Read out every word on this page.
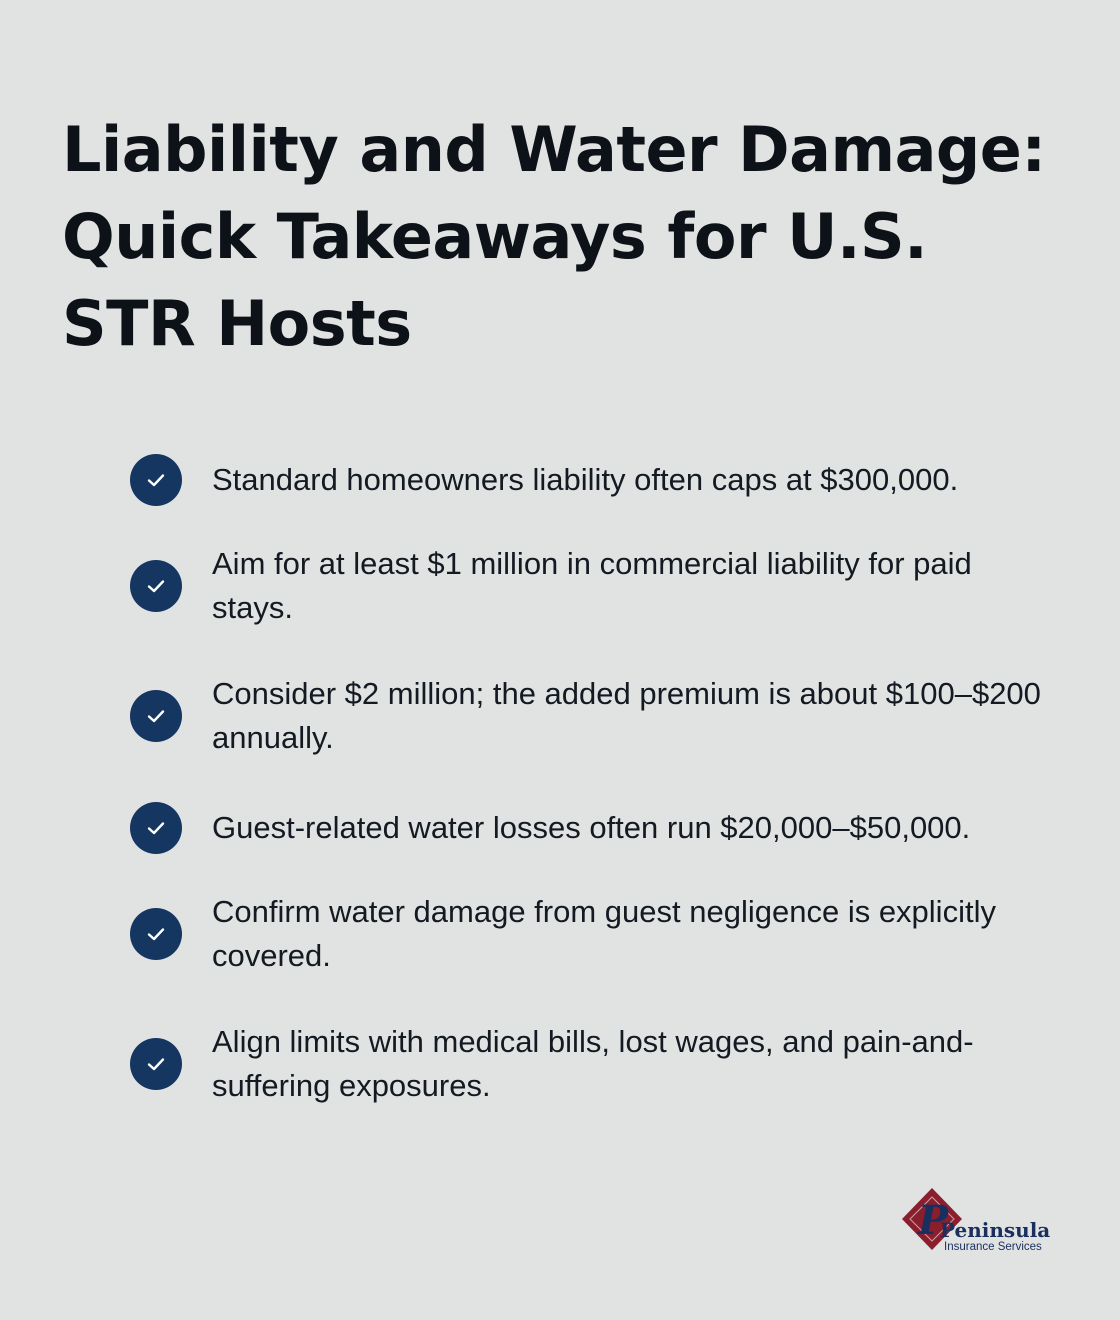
Liability and Water Damage: Quick Takeaways for U.S. STR Hosts
Standard homeowners liability often caps at $300,000.
Aim for at least $1 million in commercial liability for paid stays.
Consider $2 million; the added premium is about $100–$200 annually.
Guest-related water losses often run $20,000–$50,000.
Confirm water damage from guest negligence is explicitly covered.
Align limits with medical bills, lost wages, and pain-and-suffering exposures.
P
Peninsula
Insurance Services
